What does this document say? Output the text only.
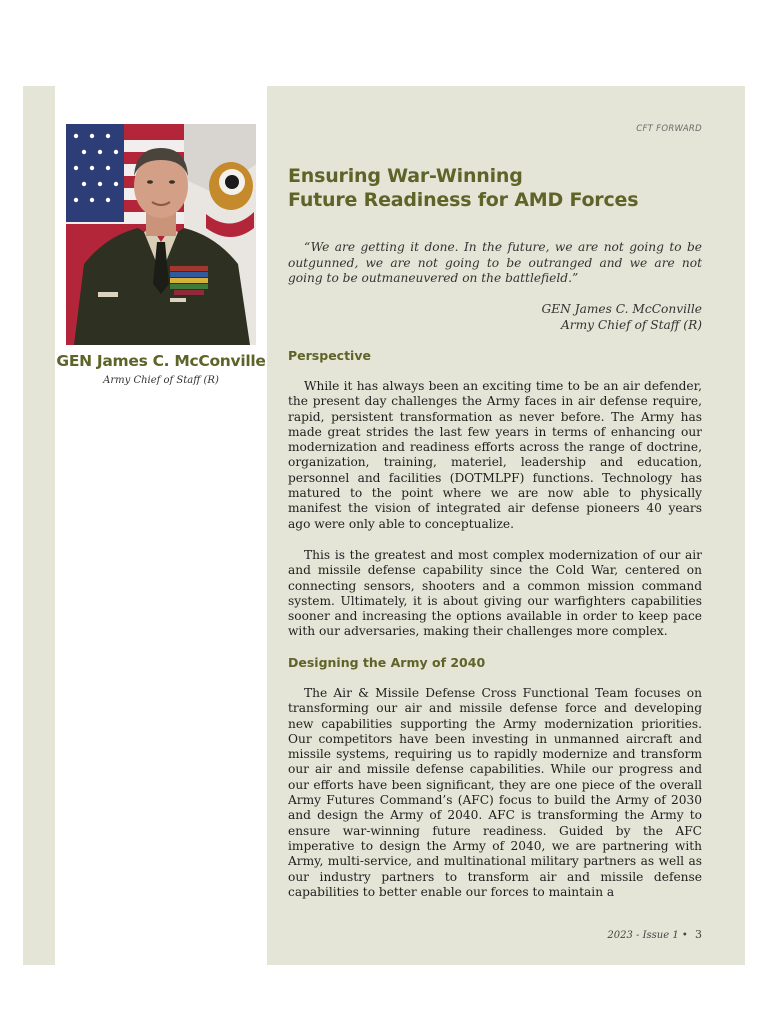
GEN James C. McConville
Army Chief of Staff (R)
CFT FORWARD
Ensuring War-Winning
Future Readiness for AMD Forces

“We are getting it done. In the future, we are not going to be outgunned, we are not going to be outranged and we are not going to be outmaneuvered on the battlefield.”

GEN James C. McConville
Army Chief of Staff (R)
Perspective

While it has always been an exciting time to be an air defender, the present day challenges the Army faces in air defense require, rapid, persistent transformation as never before. The Army has made great strides the last few years in terms of enhancing our modernization and readiness efforts across the range of doctrine, organization, training, materiel, leadership and education, personnel and facilities (DOTMLPF) functions. Technology has matured to the point where we are now able to physically manifest the vision of integrated air defense pioneers 40 years ago were only able to conceptualize.

This is the greatest and most complex modernization of our air and missile defense capability since the Cold War, centered on connecting sensors, shooters and a common mission command system. Ultimately, it is about giving our warfighters capabilities sooner and increasing the options available in order to keep pace with our adversaries, making their challenges more complex.

Designing the Army of 2040

The Air & Missile Defense Cross Functional Team focuses on transforming our air and missile defense force and developing new capabilities supporting the Army modernization priorities. Our competitors have been investing in unmanned aircraft and missile systems, requiring us to rapidly modernize and transform our air and missile defense capabilities. While our progress and our efforts have been significant, they are one piece of the overall Army Futures Command’s (AFC) focus to build the Army of 2030 and design the Army of 2040. AFC is transforming the Army to ensure war-winning future readiness. Guided by the AFC imperative to design the Army of 2040, we are partnering with Army, multi-service, and multinational military partners as well as our industry partners to transform air and missile defense capabilities to better enable our forces to maintain a

2023 - Issue 1 • 3
